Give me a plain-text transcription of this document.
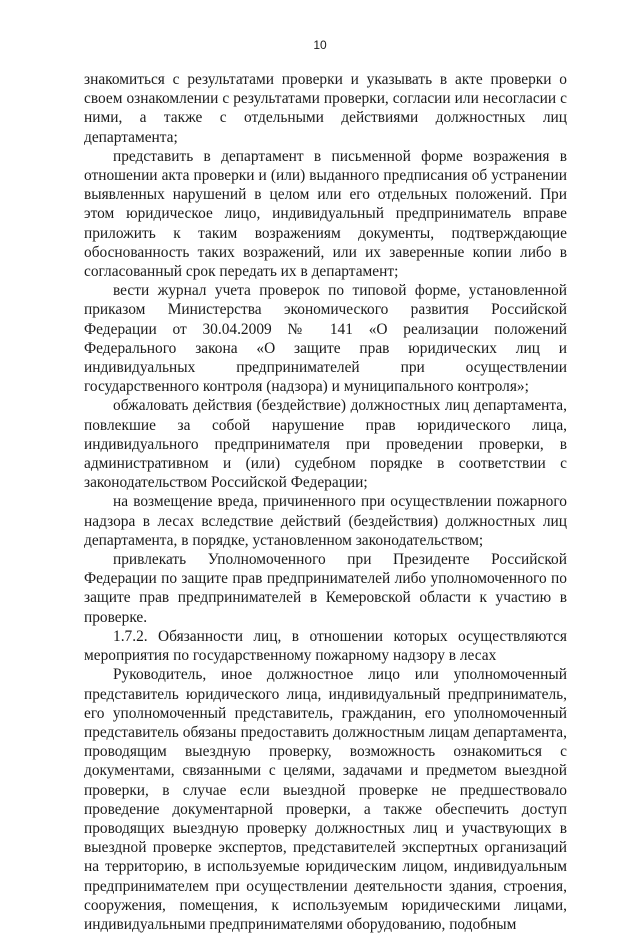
10

знакомиться с результатами проверки и указывать в акте проверки о своем ознакомлении с результатами проверки, согласии или несогласии с ними, а также с отдельными действиями должностных лиц департамента;

представить в департамент в письменной форме возражения в отношении акта проверки и (или) выданного предписания об устранении выявленных нарушений в целом или его отдельных положений. При этом юридическое лицо, индивидуальный предприниматель вправе приложить к таким возражениям документы, подтверждающие обоснованность таких возражений, или их заверенные копии либо в согласованный срок передать их в департамент;

вести журнал учета проверок по типовой форме, установленной приказом Министерства экономического развития Российской Федерации от 30.04.2009 № 141 «О реализации положений Федерального закона «О защите прав юридических лиц и индивидуальных предпринимателей при осуществлении государственного контроля (надзора) и муниципального контроля»;

обжаловать действия (бездействие) должностных лиц департамента, повлекшие за собой нарушение прав юридического лица, индивидуального предпринимателя при проведении проверки, в административном и (или) судебном порядке в соответствии с законодательством Российской Федерации;

на возмещение вреда, причиненного при осуществлении пожарного надзора в лесах вследствие действий (бездействия) должностных лиц департамента, в порядке, установленном законодательством;

привлекать Уполномоченного при Президенте Российской Федерации по защите прав предпринимателей либо уполномоченного по защите прав предпринимателей в Кемеровской области к участию в проверке.

1.7.2. Обязанности лиц, в отношении которых осуществляются мероприятия по государственному пожарному надзору в лесах

Руководитель, иное должностное лицо или уполномоченный представитель юридического лица, индивидуальный предприниматель, его уполномоченный представитель, гражданин, его уполномоченный представитель обязаны предоставить должностным лицам департамента, проводящим выездную проверку, возможность ознакомиться с документами, связанными с целями, задачами и предметом выездной проверки, в случае если выездной проверке не предшествовало проведение документарной проверки, а также обеспечить доступ проводящих выездную проверку должностных лиц и участвующих в выездной проверке экспертов, представителей экспертных организаций на территорию, в используемые юридическим лицом, индивидуальным предпринимателем при осуществлении деятельности здания, строения, сооружения, помещения, к используемым юридическими лицами, индивидуальными предпринимателями оборудованию, подобным
